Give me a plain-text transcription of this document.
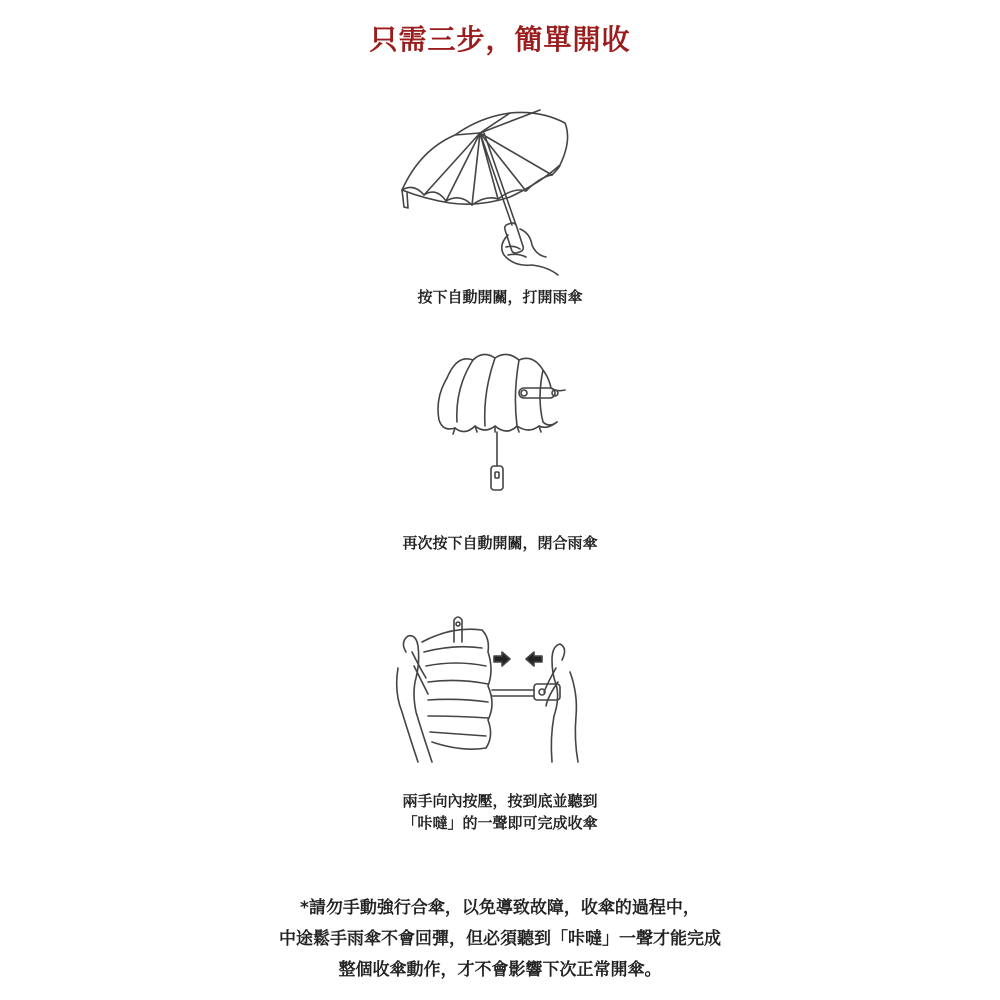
只需三步，簡單開收
按下自動開關，打開雨傘
再次按下自動開關，閉合雨傘
兩手向內按壓，按到底並聽到
「咔噠」的一聲即可完成收傘
*請勿手動強行合傘，以免導致故障，收傘的過程中，
中途鬆手雨傘不會回彈，但必須聽到「咔噠」一聲才能完成
整個收傘動作，才不會影響下次正常開傘。
